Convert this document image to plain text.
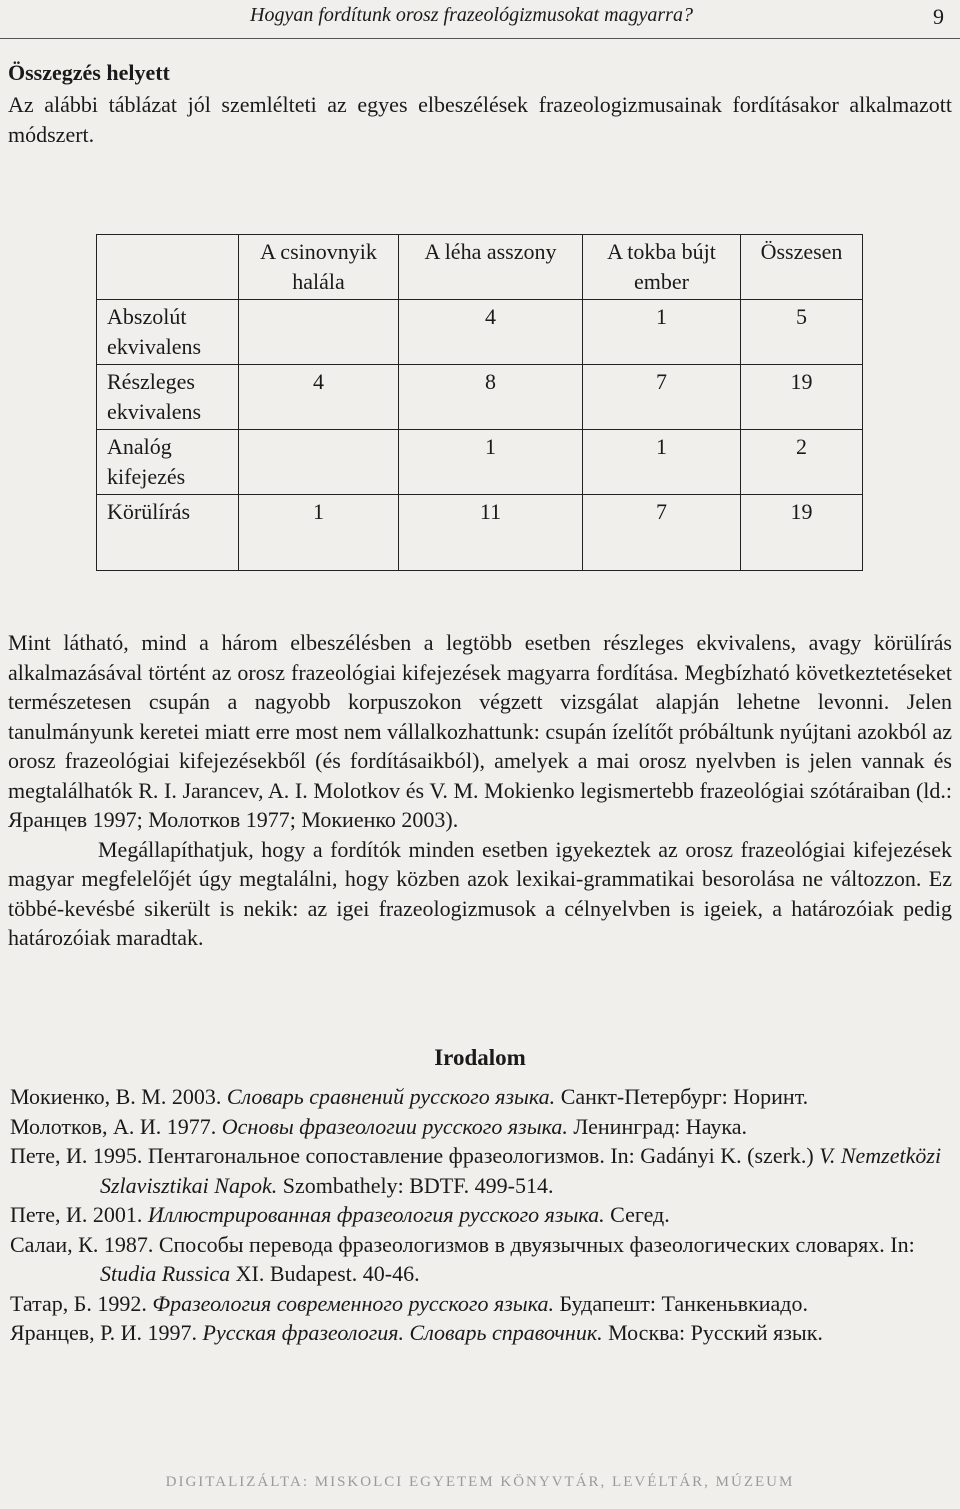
Hogyan fordítunk orosz frazeológizmusokat magyarra?	9
Összegzés helyett
Az alábbi táblázat jól szemlélteti az egyes elbeszélések frazeologizmusainak fordításakor alkalmazott módszert.
	A csinovnyik halála	A léha asszony	A tokba bújt ember	Összesen
Abszolút ekvivalens		4	1	5
Részleges ekvivalens	4	8	7	19
Analóg kifejezés		1	1	2
Körülírás	1	11	7	19

Mint látható, mind a három elbeszélésben a legtöbb esetben részleges ekvivalens, avagy körülírás alkalmazásával történt az orosz frazeológiai kifejezések magyarra fordítása. Megbízható következtetéseket természetesen csupán a nagyobb korpuszokon végzett vizsgálat alapján lehetne levonni. Jelen tanulmányunk keretei miatt erre most nem vállalkozhattunk: csupán ízelítőt próbáltunk nyújtani azokból az orosz frazeológiai kifejezésekből (és fordításaikból), amelyek a mai orosz nyelvben is jelen vannak és megtalálhatók R. I. Jarancev, A. I. Molotkov és V. M. Mokienko legismertebb frazeológiai szótáraiban (ld.: Яранцев 1997; Молотков 1977; Мокиенко 2003).

Megállapíthatjuk, hogy a fordítók minden esetben igyekeztek az orosz frazeológiai kifejezések magyar megfelelőjét úgy megtalálni, hogy közben azok lexikai-grammatikai besorolása ne változzon. Ez többé-kevésbé sikerült is nekik: az igei frazeologizmusok a célnyelvben is igeiek, a határozóiak pedig határozóiak maradtak.

Irodalom
Мокиенко, В. М. 2003. Словарь сравнений русского языка. Санкт-Петербург: Норинт.
Молотков, А. И. 1977. Основы фразеологии русского языка. Ленинград: Наука.
Пете, И. 1995. Пентагональное сопоставление фразеологизмов. In: Gadányi K. (szerk.) V. Nemzetközi Szlavisztikai Napok. Szombathely: BDTF. 499-514.
Пете, И. 2001. Иллюстрированная фразеология русского языка. Сегед.
Салаи, К. 1987. Способы перевода фразеологизмов в двуязычных фазеологических словарях. In: Studia Russica XI. Budapest. 40-46.
Татар, Б. 1992. Фразеология современного русского языка. Будапешт: Танкеньвкиадо.
Яранцев, Р. И. 1997. Русская фразеология. Словарь справочник. Москва: Русский язык.
DIGITALIZÁLTA: MISKOLCI EGYETEM KÖNYVTÁR, LEVÉLTÁR, MÚZEUM
